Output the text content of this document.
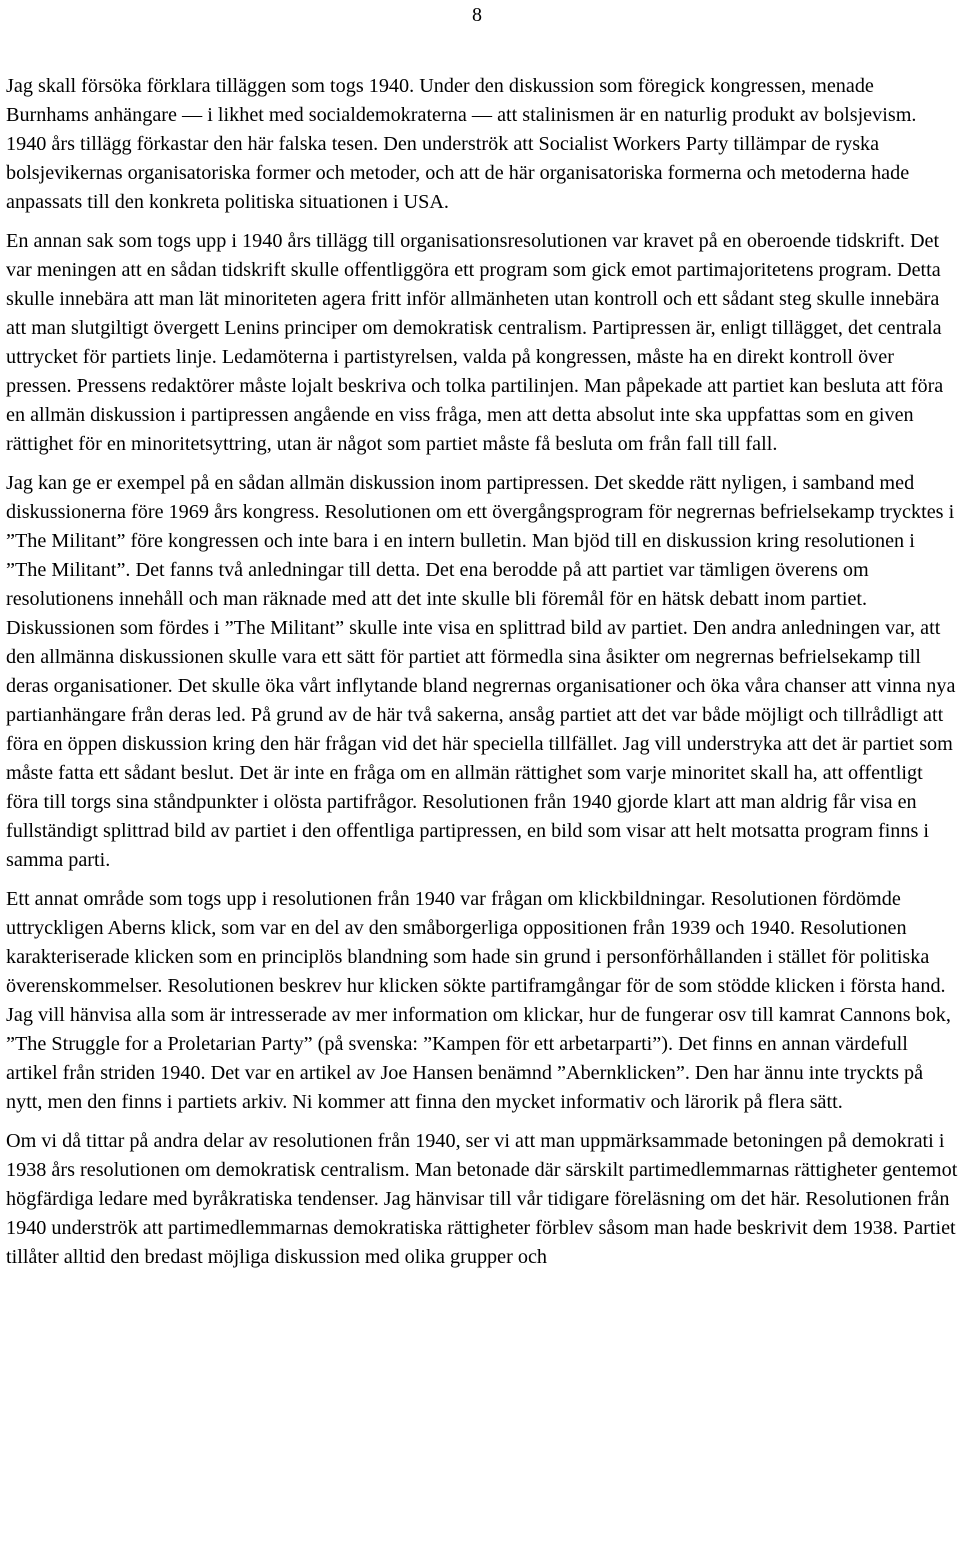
8

Jag skall försöka förklara tilläggen som togs 1940. Under den diskussion som föregick kongressen, menade Burnhams anhängare — i likhet med socialdemokraterna — att stalinismen är en naturlig produkt av bolsjevism. 1940 års tillägg förkastar den här falska tesen. Den underströk att Socialist Workers Party tillämpar de ryska bolsjevikernas organisatoriska former och metoder, och att de här organisatoriska formerna och metoderna hade anpassats till den konkreta politiska situationen i USA.

En annan sak som togs upp i 1940 års tillägg till organisationsresolutionen var kravet på en oberoende tidskrift. Det var meningen att en sådan tidskrift skulle offentliggöra ett program som gick emot partimajoritetens program. Detta skulle innebära att man lät minoriteten agera fritt inför allmänheten utan kontroll och ett sådant steg skulle innebära att man slutgiltigt övergett Lenins principer om demokratisk centralism. Partipressen är, enligt tillägget, det centrala uttrycket för partiets linje. Ledamöterna i partistyrelsen, valda på kongressen, måste ha en direkt kontroll över pressen. Pressens redaktörer måste lojalt beskriva och tolka partilinjen. Man påpekade att partiet kan besluta att föra en allmän diskussion i partipressen angående en viss fråga, men att detta absolut inte ska uppfattas som en given rättighet för en minoritetsyttring, utan är något som partiet måste få besluta om från fall till fall.

Jag kan ge er exempel på en sådan allmän diskussion inom partipressen. Det skedde rätt nyligen, i samband med diskussionerna före 1969 års kongress. Resolutionen om ett övergångsprogram för negrernas befrielsekamp trycktes i ”The Militant” före kongressen och inte bara i en intern bulletin. Man bjöd till en diskussion kring resolutionen i ”The Militant”. Det fanns två anledningar till detta. Det ena berodde på att partiet var tämligen överens om resolutionens innehåll och man räknade med att det inte skulle bli föremål för en hätsk debatt inom partiet. Diskussionen som fördes i ”The Militant” skulle inte visa en splittrad bild av partiet. Den andra anledningen var, att den allmänna diskussionen skulle vara ett sätt för partiet att förmedla sina åsikter om negrernas befrielsekamp till deras organisationer. Det skulle öka vårt inflytande bland negrernas organisationer och öka våra chanser att vinna nya partianhängare från deras led. På grund av de här två sakerna, ansåg partiet att det var både möjligt och tillrådligt att föra en öppen diskussion kring den här frågan vid det här speciella tillfället. Jag vill understryka att det är partiet som måste fatta ett sådant beslut. Det är inte en fråga om en allmän rättighet som varje minoritet skall ha, att offentligt föra till torgs sina ståndpunkter i olösta partifrågor. Resolutionen från 1940 gjorde klart att man aldrig får visa en fullständigt splittrad bild av partiet i den offentliga partipressen, en bild som visar att helt motsatta program finns i samma parti.

Ett annat område som togs upp i resolutionen från 1940 var frågan om klickbildningar. Resolutionen fördömde uttryckligen Aberns klick, som var en del av den småborgerliga oppositionen från 1939 och 1940. Resolutionen karakteriserade klicken som en principlös blandning som hade sin grund i personförhållanden i stället för politiska överenskommelser. Resolutionen beskrev hur klicken sökte partiframgångar för de som stödde klicken i första hand. Jag vill hänvisa alla som är intresserade av mer information om klickar, hur de fungerar osv till kamrat Cannons bok, ”The Struggle for a Proletarian Party” (på svenska: ”Kampen för ett arbetarparti”). Det finns en annan värdefull artikel från striden 1940. Det var en artikel av Joe Hansen benämnd ”Abernklicken”. Den har ännu inte tryckts på nytt, men den finns i partiets arkiv. Ni kommer att finna den mycket informativ och lärorik på flera sätt.

Om vi då tittar på andra delar av resolutionen från 1940, ser vi att man uppmärksammade betoningen på demokrati i 1938 års resolutionen om demokratisk centralism. Man betonade där särskilt partimedlemmarnas rättigheter gentemot högfärdiga ledare med byråkratiska tendenser. Jag hänvisar till vår tidigare föreläsning om det här. Resolutionen från 1940 underströk att partimedlemmarnas demokratiska rättigheter förblev såsom man hade beskrivit dem 1938. Partiet tillåter alltid den bredast möjliga diskussion med olika grupper och
